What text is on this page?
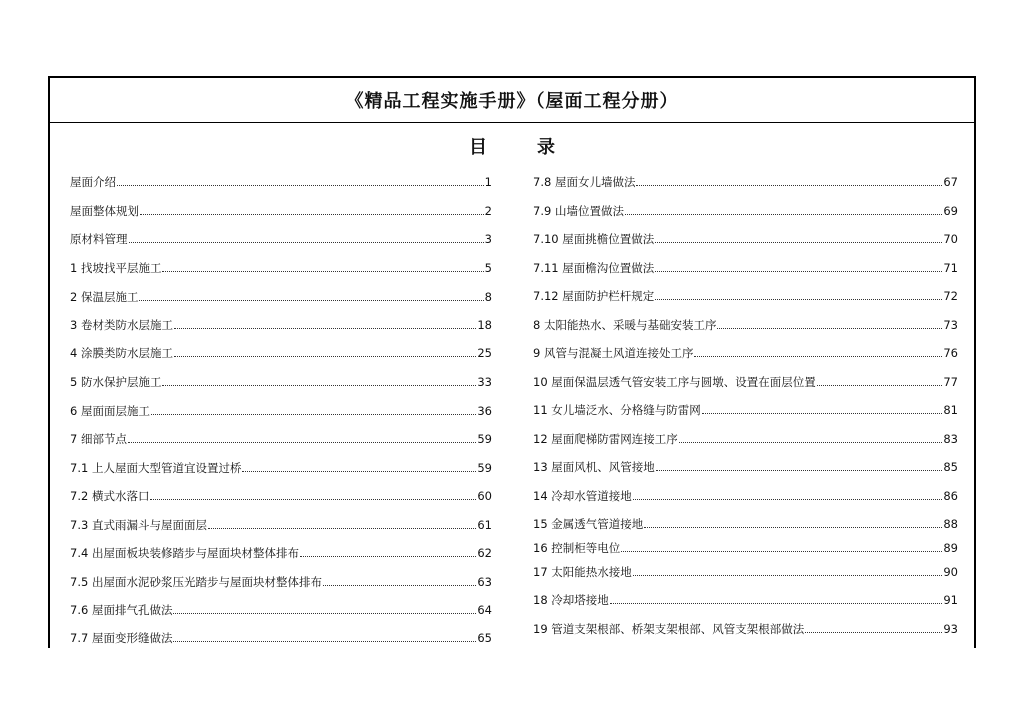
《精品工程实施手册》（屋面工程分册）
目	录
屋面介绍	1
屋面整体规划	2
原材料管理	3
1 找坡找平层施工	5
2 保温层施工	8
3 卷材类防水层施工	18
4 涂膜类防水层施工	25
5 防水保护层施工	33
6 屋面面层施工	36
7 细部节点	59
7.1 上人屋面大型管道宜设置过桥	59
7.2 横式水落口	60
7.3 直式雨漏斗与屋面面层	61
7.4 出屋面板块装修踏步与屋面块材整体排布	62
7.5 出屋面水泥砂浆压光踏步与屋面块材整体排布	63
7.6 屋面排气孔做法	64
7.7 屋面变形缝做法	65
7.8 屋面女儿墙做法	67
7.9 山墙位置做法	69
7.10 屋面挑檐位置做法	70
7.11 屋面檐沟位置做法	71
7.12 屋面防护栏杆规定	72
8 太阳能热水、采暖与基础安装工序	73
9 风管与混凝土风道连接处工序	76
10 屋面保温层透气管安装工序与圆墩、设置在面层位置	77
11 女儿墙泛水、分格缝与防雷网	81
12 屋面爬梯防雷网连接工序	83
13 屋面风机、风管接地	85
14 冷却水管道接地	86
15 金属透气管道接地	88
16 控制柜等电位	89
17 太阳能热水接地	90
18 冷却塔接地	91
19 管道支架根部、桥架支架根部、风管支架根部做法	93
